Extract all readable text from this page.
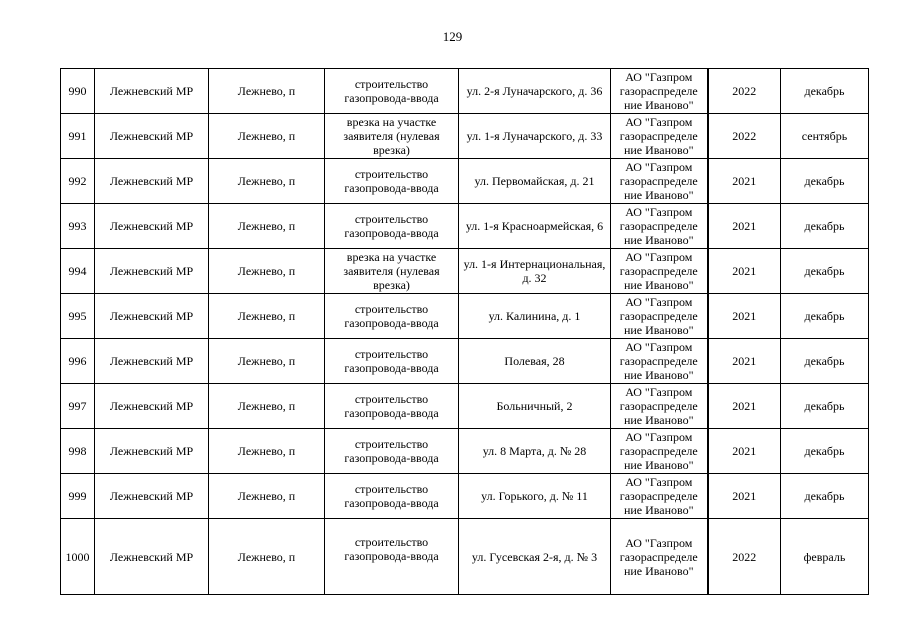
129
990	Лежневский МР	Лежнево, п	строительство газопровода-ввода	ул. 2-я Луначарского, д. 36	АО "Газпром газораспределе ние Иваново"	2022	декабрь
991	Лежневский МР	Лежнево, п	врезка на участке заявителя (нулевая врезка)	ул. 1-я Луначарского, д. 33	АО "Газпром газораспределе ние Иваново"	2022	сентябрь
992	Лежневский МР	Лежнево, п	строительство газопровода-ввода	ул. Первомайская, д. 21	АО "Газпром газораспределе ние Иваново"	2021	декабрь
993	Лежневский МР	Лежнево, п	строительство газопровода-ввода	ул. 1-я Красноармейская, 6	АО "Газпром газораспределе ние Иваново"	2021	декабрь
994	Лежневский МР	Лежнево, п	врезка на участке заявителя (нулевая врезка)	ул. 1-я Интернациональная, д. 32	АО "Газпром газораспределе ние Иваново"	2021	декабрь
995	Лежневский МР	Лежнево, п	строительство газопровода-ввода	ул. Калинина, д. 1	АО "Газпром газораспределе ние Иваново"	2021	декабрь
996	Лежневский МР	Лежнево, п	строительство газопровода-ввода	Полевая, 28	АО "Газпром газораспределе ние Иваново"	2021	декабрь
997	Лежневский МР	Лежнево, п	строительство газопровода-ввода	Больничный, 2	АО "Газпром газораспределе ние Иваново"	2021	декабрь
998	Лежневский МР	Лежнево, п	строительство газопровода-ввода	ул. 8 Марта, д. № 28	АО "Газпром газораспределе ние Иваново"	2021	декабрь
999	Лежневский МР	Лежнево, п	строительство газопровода-ввода	ул. Горького, д. № 11	АО "Газпром газораспределе ние Иваново"	2021	декабрь
1000	Лежневский МР	Лежнево, п	строительство газопровода-ввода	ул. Гусевская 2-я, д. № 3	АО "Газпром газораспределе ние Иваново"	2022	февраль
